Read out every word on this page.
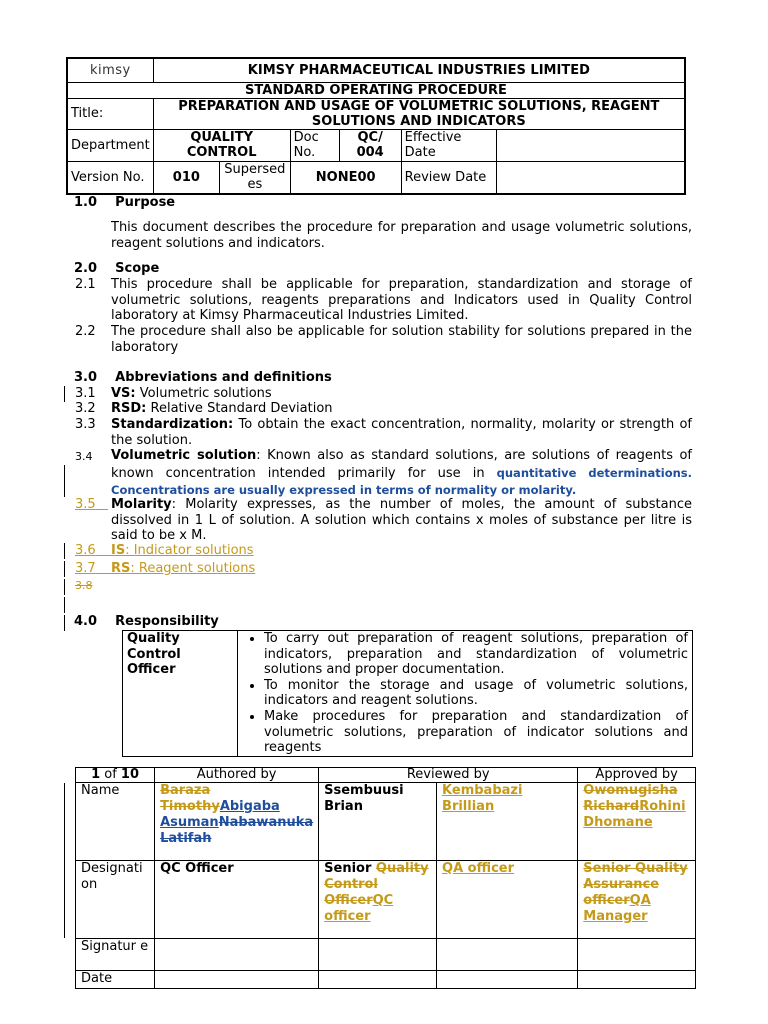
kimsy	KIMSY PHARMACEUTICAL INDUSTRIES LIMITED					
STANDARD OPERATING PROCEDURE						
Title:	PREPARATION AND USAGE OF VOLUMETRIC SOLUTIONS, REAGENT SOLUTIONS AND INDICATORS					
Department	QUALITY CONTROL		Doc No.	QC/ 004	Effective Date	
Version No.	010	Supersed es	NONE00		Review Date	
1.0 Purpose
This document describes the procedure for preparation and usage volumetric solutions, reagent solutions and indicators.
2.0 Scope
2.1 This procedure shall be applicable for preparation, standardization and storage of volumetric solutions, reagents preparations and Indicators used in Quality Control laboratory at Kimsy Pharmaceutical Industries Limited.
2.2 The procedure shall also be applicable for solution stability for solutions prepared in the laboratory
3.0 Abbreviations and definitions
3.1 VS: Volumetric solutions
3.2 RSD: Relative Standard Deviation
3.3 Standardization: To obtain the exact concentration, normality, molarity or strength of the solution.
3.4 Volumetric solution: Known also as standard solutions, are solutions of reagents of known concentration intended primarily for use in quantitative determinations. Concentrations are usually expressed in terms of normality or molarity.
3.5	Molarity: Molarity expresses, as the number of moles, the amount of substance dissolved in 1 L of solution. A solution which contains x moles of substance per litre is said to be x M.
3.6	IS: Indicator solutions
3.7	RS: Reagent solutions
3.8
4.0 Responsibility
Quality Control Officer	
• To carry out preparation of reagent solutions, preparation of indicators, preparation and standardization of volumetric solutions and proper documentation.
• To monitor the storage and usage of volumetric solutions, indicators and reagent solutions.
• Make procedures for preparation and standardization of volumetric solutions, preparation of indicator solutions and reagents
1 of 10	Authored by	Reviewed by		Approved by
Name	Baraza TimothyAbigaba AsumanNabawanuka Latifah	Ssembuusi Brian	Kembabazi Brillian	Owomugisha RichardRohini Dhomane
Designati on	QC Officer	Senior Quality Control OfficerQC officer	QA officer	Senior Quality Assurance officerQA Manager
Signatur e				
Date				
